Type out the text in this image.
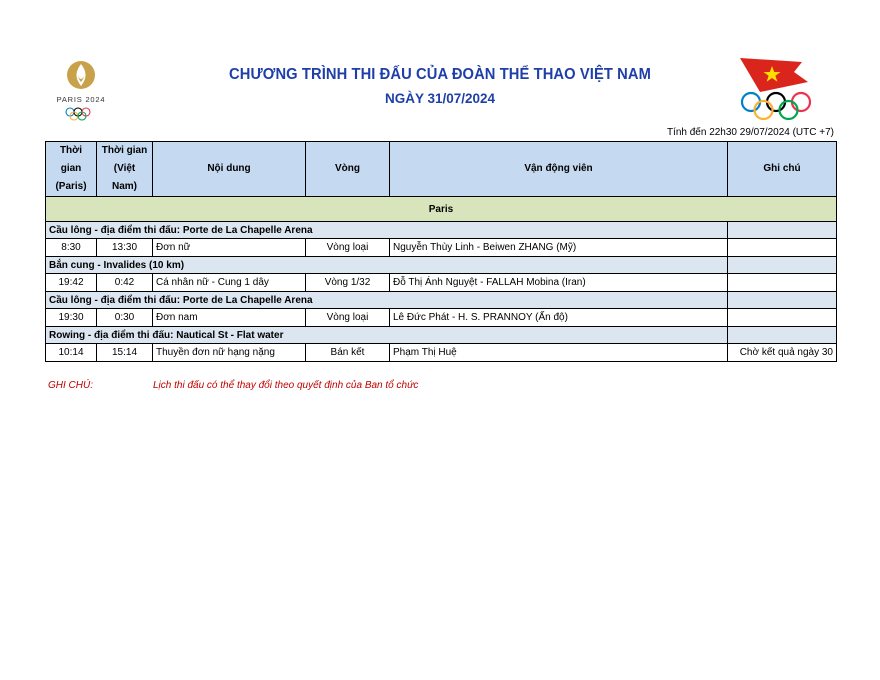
PARIS 2024
CHƯƠNG TRÌNH THI ĐẤU CỦA ĐOÀN THỂ THAO VIỆT NAM
NGÀY 31/07/2024
Tính đến 22h30 29/07/2024 (UTC +7)
Thời gian (Paris)	Thời gian (Việt Nam)	Nội dung	Vòng	Vận động viên	Ghi chú
Paris					
Cầu lông - địa điểm thi đấu: Porte de La Chapelle Arena					
8:30	13:30	Đơn nữ	Vòng loại	Nguyễn Thùy Linh - Beiwen ZHANG (Mỹ)	
Bắn cung - Invalides (10 km)					
19:42	0:42	Cá nhân nữ - Cung 1 dây	Vòng 1/32	Đỗ Thị Ánh Nguyệt - FALLAH Mobina (Iran)	
Cầu lông - địa điểm thi đấu: Porte de La Chapelle Arena					
19:30	0:30	Đơn nam	Vòng loại	Lê Đức Phát - H. S. PRANNOY (Ấn độ)	
Rowing - địa điểm thi đấu: Nautical St - Flat water					
10:14	15:14	Thuyền đơn nữ hạng nặng	Bán kết	Phạm Thị Huệ	Chờ kết quả ngày 30
GHI CHÚ:	Lịch thi đấu có thể thay đổi theo quyết định của Ban tổ chức
